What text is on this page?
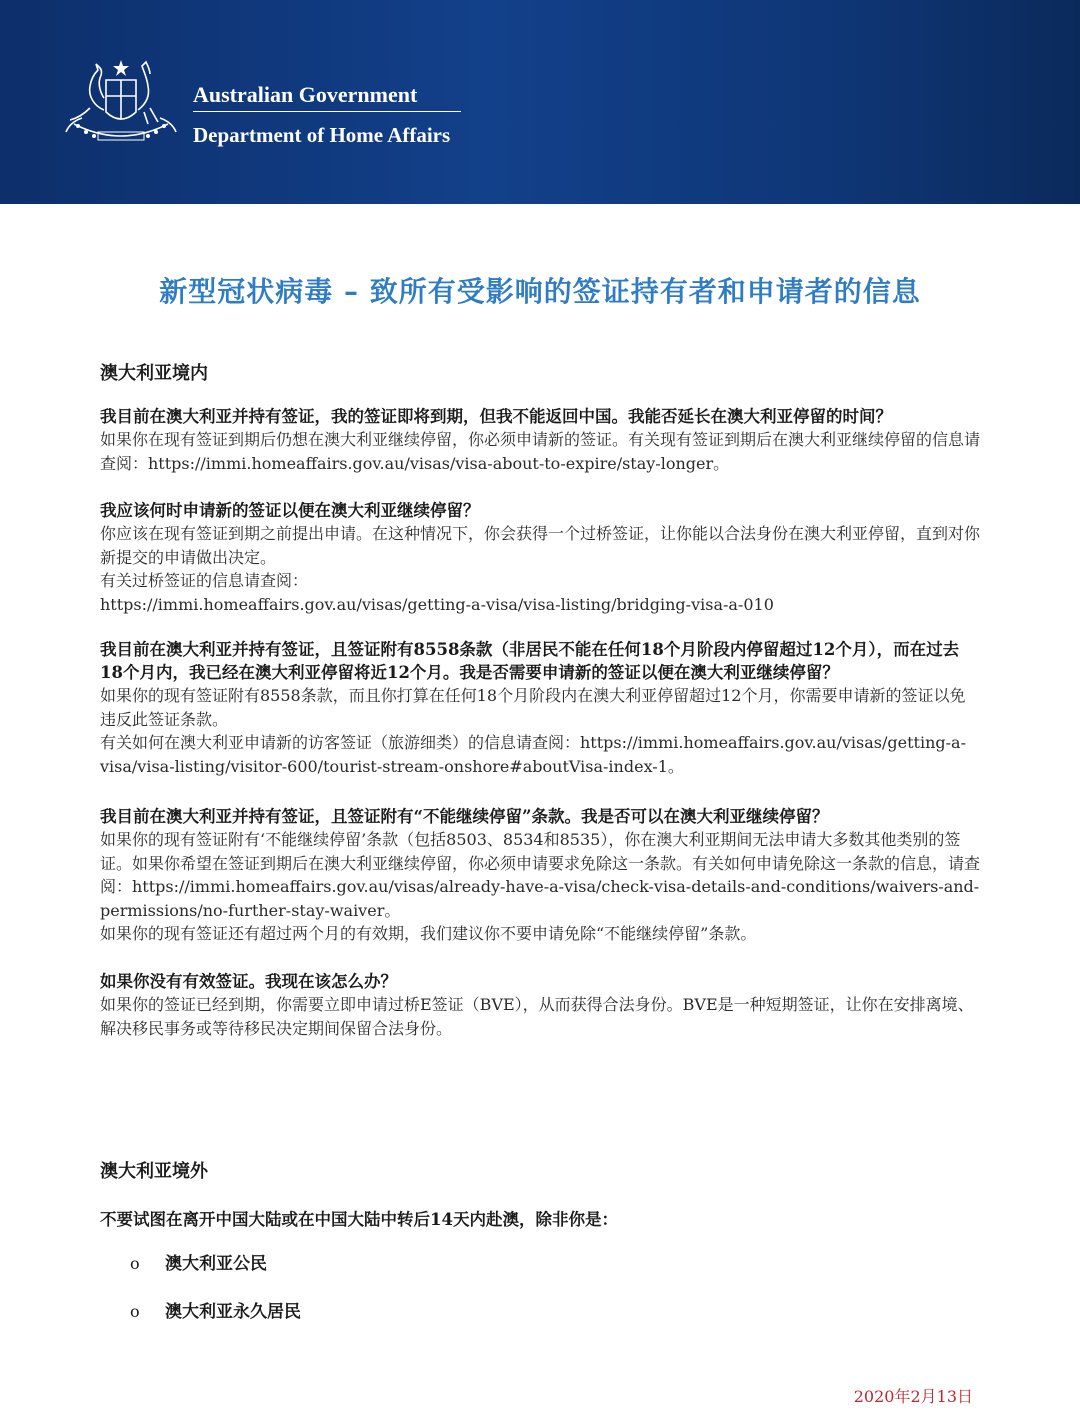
Australian Government
Department of Home Affairs
新型冠状病毒 – 致所有受影响的签证持有者和申请者的信息
澳大利亚境内

我目前在澳大利亚并持有签证，我的签证即将到期，但我不能返回中国。我能否延长在澳大利亚停留的时间？

如果你在现有签证到期后仍想在澳大利亚继续停留，你必须申请新的签证。有关现有签证到期后在澳大利亚继续停留的信息请查阅：https://immi.homeaffairs.gov.au/visas/visa-about-to-expire/stay-longer。

我应该何时申请新的签证以便在澳大利亚继续停留？

你应该在现有签证到期之前提出申请。在这种情况下，你会获得一个过桥签证，让你能以合法身份在澳大利亚停留，直到对你新提交的申请做出决定。

有关过桥签证的信息请查阅：

https://immi.homeaffairs.gov.au/visas/getting-a-visa/visa-listing/bridging-visa-a-010

我目前在澳大利亚并持有签证，且签证附有8558条款（非居民不能在任何18个月阶段内停留超过12个月），而在过去18个月内，我已经在澳大利亚停留将近12个月。我是否需要申请新的签证以便在澳大利亚继续停留？

如果你的现有签证附有8558条款，而且你打算在任何18个月阶段内在澳大利亚停留超过12个月，你需要申请新的签证以免违反此签证条款。

有关如何在澳大利亚申请新的访客签证（旅游细类）的信息请查阅：https://immi.homeaffairs.gov.au/visas/getting-a-visa/visa-listing/visitor-600/tourist-stream-onshore#aboutVisa-index-1。

我目前在澳大利亚并持有签证，且签证附有“不能继续停留”条款。我是否可以在澳大利亚继续停留？

如果你的现有签证附有‘不能继续停留’条款（包括8503、8534和8535），你在澳大利亚期间无法申请大多数其他类别的签证。如果你希望在签证到期后在澳大利亚继续停留，你必须申请要求免除这一条款。有关如何申请免除这一条款的信息，请查阅：https://immi.homeaffairs.gov.au/visas/already-have-a-visa/check-visa-details-and-conditions/waivers-and-permissions/no-further-stay-waiver。

如果你的现有签证还有超过两个月的有效期，我们建议你不要申请免除“不能继续停留”条款。

如果你没有有效签证。我现在该怎么办？

如果你的签证已经到期，你需要立即申请过桥E签证（BVE），从而获得合法身份。BVE是一种短期签证，让你在安排离境、解决移民事务或等待移民决定期间保留合法身份。

澳大利亚境外
不要试图在离开中国大陆或在中国大陆中转后14天内赴澳，除非你是：
o 澳大利亚公民
o 澳大利亚永久居民
2020年2月13日
